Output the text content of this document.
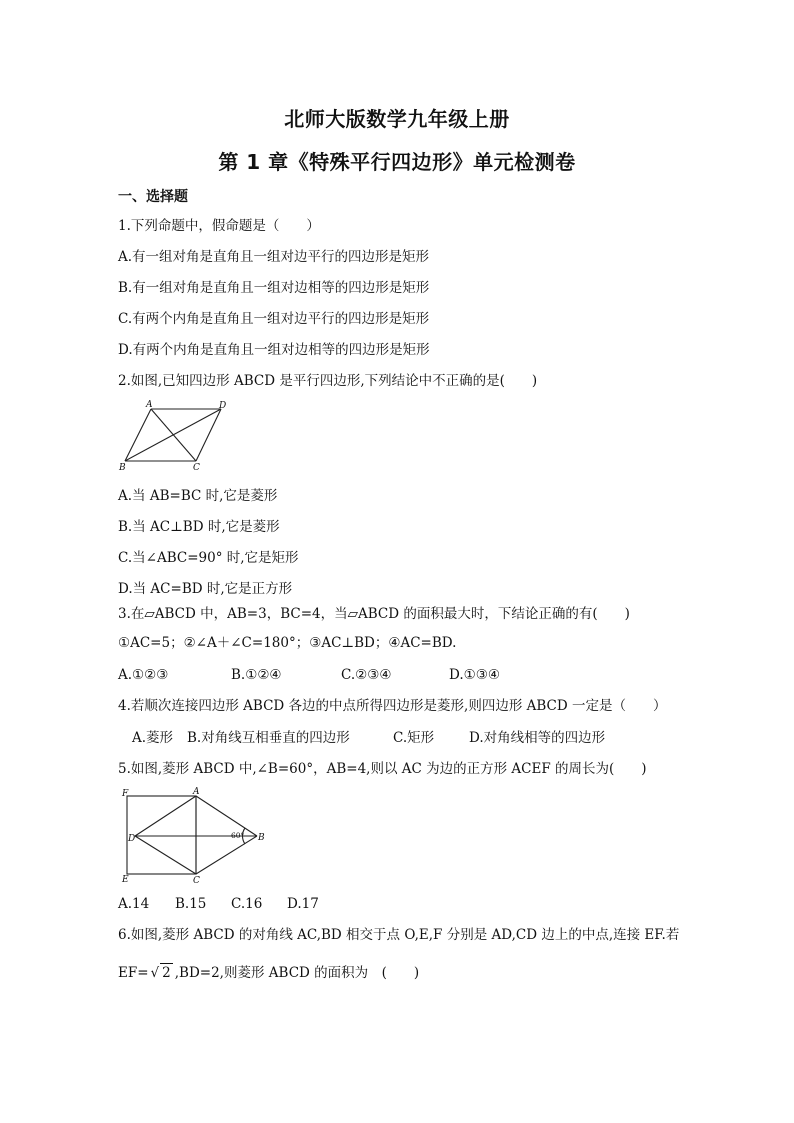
北师大版数学九年级上册
第 1 章《特殊平行四边形》单元检测卷
一、选择题
1.下列命题中，假命题是（　　）
A.有一组对角是直角且一组对边平行的四边形是矩形
B.有一组对角是直角且一组对边相等的四边形是矩形
C.有两个内角是直角且一组对边平行的四边形是矩形
D.有两个内角是直角且一组对边相等的四边形是矩形
2.如图,已知四边形 ABCD 是平行四边形,下列结论中不正确的是(　　)
A	D
B	C
A.当 AB=BC 时,它是菱形
B.当 AC⊥BD 时,它是菱形
C.当∠ABC=90° 时,它是矩形
D.当 AC=BD 时,它是正方形
3.在▱ABCD 中，AB=3，BC=4，当▱ABCD 的面积最大时，下结论正确的有(　　)
①AC=5；②∠A＋∠C=180°；③AC⊥BD；④AC=BD.
A.①②③	B.①②④	C.②③④	D.①③④
4.若顺次连接四边形 ABCD 各边的中点所得四边形是菱形,则四边形 ABCD 一定是（　　）
A.菱形 B.对角线互相垂直的四边形	C.矩形	D.对角线相等的四边形
5.如图,菱形 ABCD 中,∠B=60°，AB=4,则以 AC 为边的正方形 ACEF 的周长为(　　)
F	A
D	B
E	C
60°
A.14 B.15 C.16 D.17
6.如图,菱形 ABCD 的对角线 AC,BD 相交于点 O,E,F 分别是 AD,CD 边上的中点,连接 EF.若
EF= √ 2 ,BD=2,则菱形 ABCD 的面积为　(　　)
